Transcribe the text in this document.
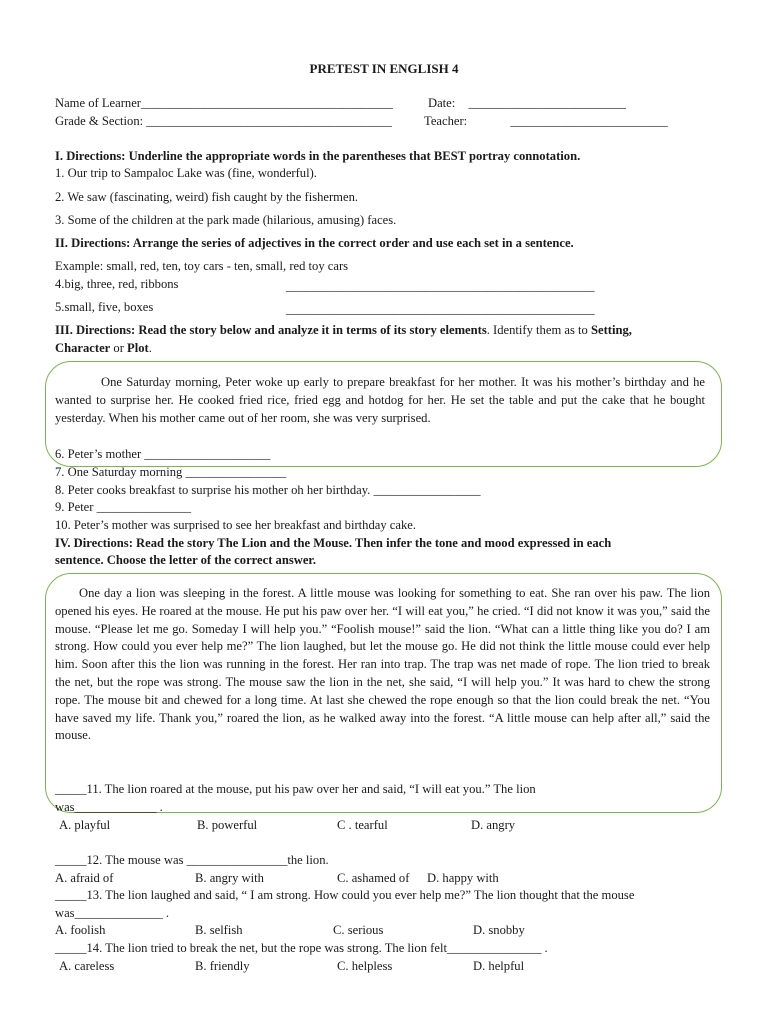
PRETEST IN ENGLISH 4
Name of Learner________________________________________	Date: _________________________
Grade & Section: _______________________________________	Teacher:	_________________________
I. Directions: Underline the appropriate words in the parentheses that BEST portray connotation.
1. Our trip to Sampaloc Lake was (fine, wonderful).
2. We saw (fascinating, weird) fish caught by the fishermen.
3. Some of the children at the park made (hilarious, amusing) faces.
II. Directions: Arrange the series of adjectives in the correct order and use each set in a sentence.
Example: small, red, ten, toy cars - ten, small, red toy cars
4.big, three, red, ribbons	_________________________________________________
5.small, five, boxes	_________________________________________________
III. Directions: Read the story below and analyze it in terms of its story elements. Identify them as to Setting,
Character or Plot.
One Saturday morning, Peter woke up early to prepare breakfast for her mother. It was his mother’s birthday and he wanted to surprise her. He cooked fried rice, fried egg and hotdog for her. He set the table and put the cake that he bought yesterday. When his mother came out of her room, she was very surprised.
6. Peter’s mother ____________________
7. One Saturday morning ________________
8. Peter cooks breakfast to surprise his mother oh her birthday. _________________
9. Peter _______________
10. Peter’s mother was surprised to see her breakfast and birthday cake.
IV. Directions: Read the story The Lion and the Mouse. Then infer the tone and mood expressed in each
sentence. Choose the letter of the correct answer.
One day a lion was sleeping in the forest. A little mouse was looking for something to eat. She ran over his paw. The lion opened his eyes. He roared at the mouse. He put his paw over her. “I will eat you,” he cried. “I did not know it was you,” said the mouse. “Please let me go. Someday I will help you.” “Foolish mouse!” said the lion. “What can a little thing like you do? I am strong. How could you ever help me?” The lion laughed, but let the mouse go. He did not think the little mouse could ever help him. Soon after this the lion was running in the forest. Her ran into trap. The trap was net made of rope. The lion tried to break the net, but the rope was strong. The mouse saw the lion in the net, she said, “I will help you.” It was hard to chew the strong rope. The mouse bit and chewed for a long time. At last she chewed the rope enough so that the lion could break the net. “You have saved my life. Thank you,” roared the lion, as he walked away into the forest. “A little mouse can help after all,” said the mouse.
_____11. The lion roared at the mouse, put his paw over her and said, “I will eat you.” The lion
was_____________ .
A. playful	B. powerful	C . tearful	D. angry
_____12. The mouse was ________________the lion.
A. afraid of	B. angry with	C. ashamed of D. happy with
_____13. The lion laughed and said, “ I am strong. How could you ever help me?” The lion thought that the mouse
was______________ .
A. foolish	B. selfish	C. serious	D. snobby
_____14. The lion tried to break the net, but the rope was strong. The lion felt_______________ .
A. careless	B. friendly	C. helpless	D. helpful
